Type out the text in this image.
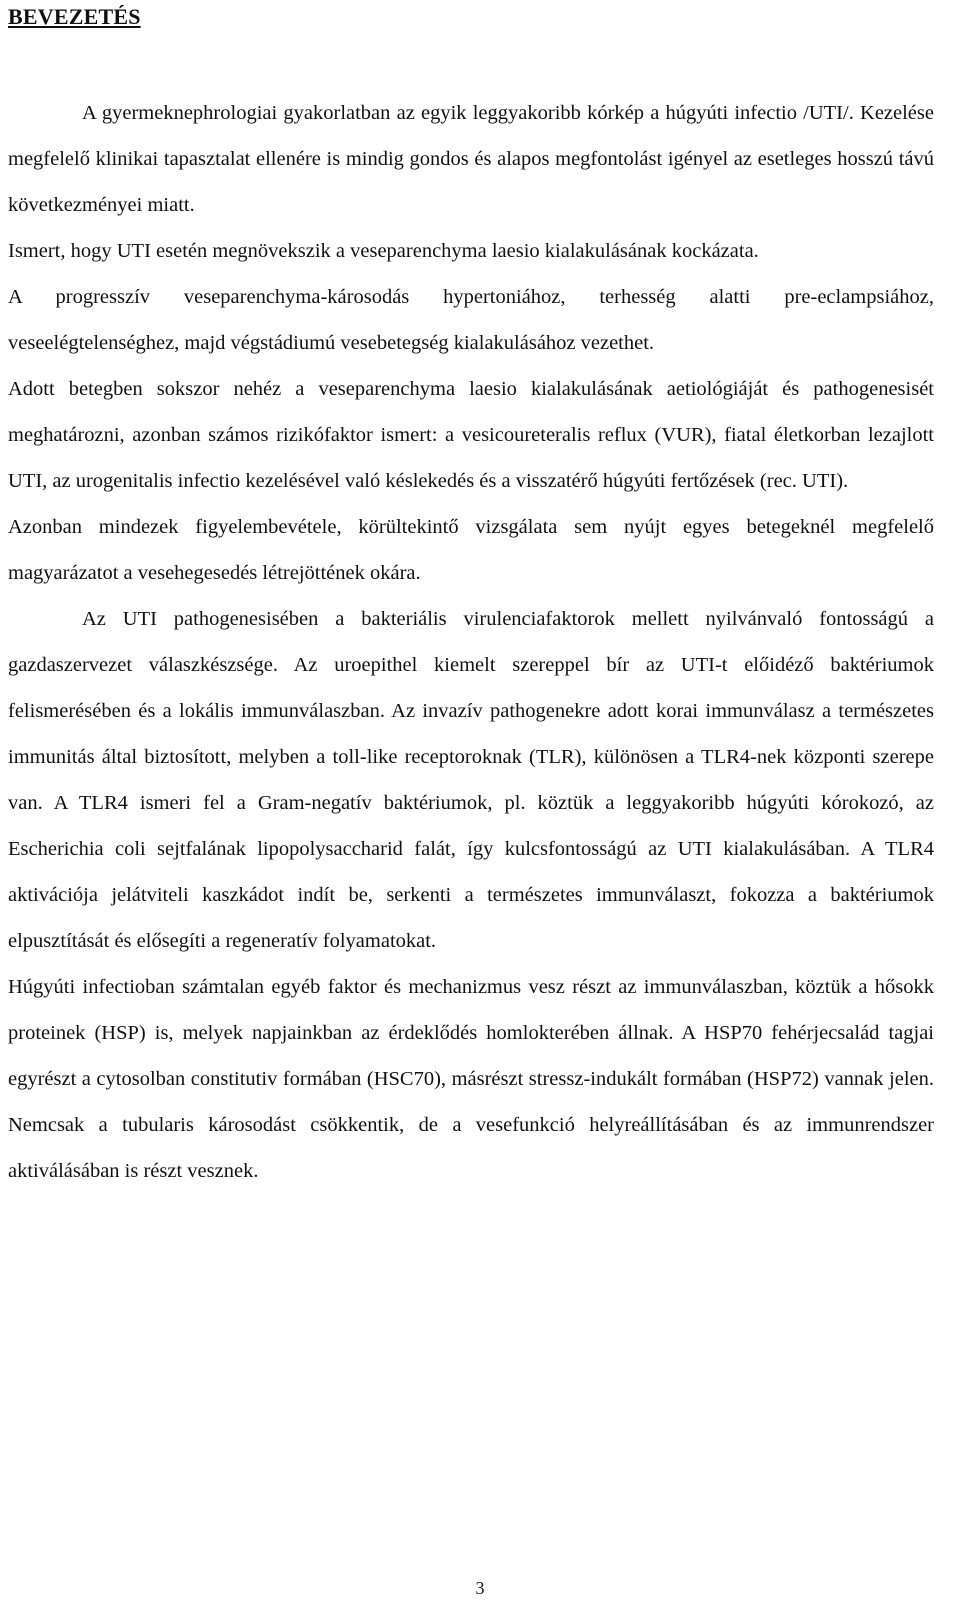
BEVEZETÉS

A gyermeknephrologiai gyakorlatban az egyik leggyakoribb kórkép a húgyúti infectio /UTI/. Kezelése megfelelő klinikai tapasztalat ellenére is mindig gondos és alapos megfontolást igényel az esetleges hosszú távú következményei miatt.

Ismert, hogy UTI esetén megnövekszik a veseparenchyma laesio kialakulásának kockázata.

A progresszív veseparenchyma-károsodás hypertoniához, terhesség alatti pre-eclampsiához, veseelégtelenséghez, majd végstádiumú vesebetegség kialakulásához vezethet.

Adott betegben sokszor nehéz a veseparenchyma laesio kialakulásának aetiológiáját és pathogenesisét meghatározni, azonban számos rizikófaktor ismert: a vesicoureteralis reflux (VUR), fiatal életkorban lezajlott UTI, az urogenitalis infectio kezelésével való késlekedés és a visszatérő húgyúti fertőzések (rec. UTI).

Azonban mindezek figyelembevétele, körültekintő vizsgálata sem nyújt egyes betegeknél megfelelő magyarázatot a vesehegesedés létrejöttének okára.

Az UTI pathogenesisében a bakteriális virulenciafaktorok mellett nyilvánvaló fontosságú a gazdaszervezet válaszkészsége. Az uroepithel kiemelt szereppel bír az UTI-t előidéző baktériumok felismerésében és a lokális immunválaszban. Az invazív pathogenekre adott korai immunválasz a természetes immunitás által biztosított, melyben a toll-like receptoroknak (TLR), különösen a TLR4-nek központi szerepe van. A TLR4 ismeri fel a Gram-negatív baktériumok, pl. köztük a leggyakoribb húgyúti kórokozó, az Escherichia coli sejtfalának lipopolysaccharid falát, így kulcsfontosságú az UTI kialakulásában. A TLR4 aktivációja jelátviteli kaszkádot indít be, serkenti a természetes immunválaszt, fokozza a baktériumok elpusztítását és elősegíti a regeneratív folyamatokat.

Húgyúti infectioban számtalan egyéb faktor és mechanizmus vesz részt az immunválaszban, köztük a hősokk proteinek (HSP) is, melyek napjainkban az érdeklődés homlokterében állnak. A HSP70 fehérjecsalád tagjai egyrészt a cytosolban constitutiv formában (HSC70), másrészt stressz-indukált formában (HSP72) vannak jelen. Nemcsak a tubularis károsodást csökkentik, de a vesefunkció helyreállításában és az immunrendszer aktiválásában is részt vesznek.

3
